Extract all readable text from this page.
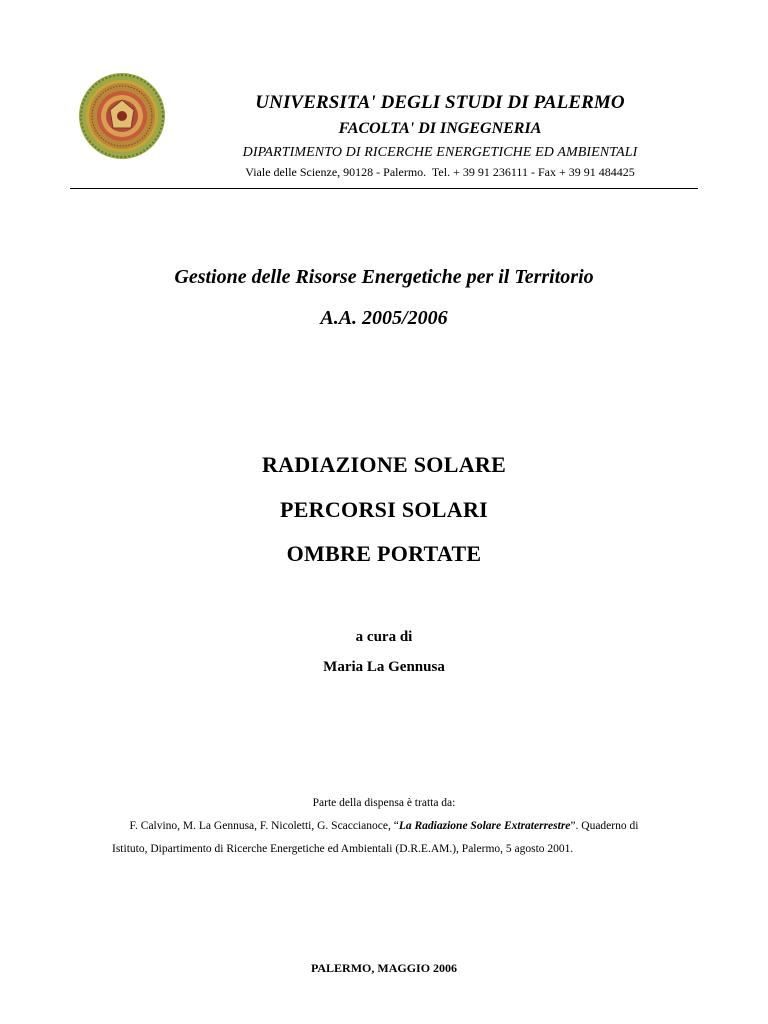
UNIVERSITA' DEGLI STUDI DI PALERMO
FACOLTA' DI INGEGNERIA
DIPARTIMENTO DI RICERCHE ENERGETICHE ED AMBIENTALI
Viale delle Scienze, 90128 - Palermo.  Tel. + 39 91 236111 - Fax + 39 91 484425
Gestione delle Risorse Energetiche per il Territorio
A.A. 2005/2006
RADIAZIONE SOLARE
PERCORSI SOLARI
OMBRE PORTATE
a cura di
Maria La Gennusa
Parte della dispensa è tratta da:
F. Calvino, M. La Gennusa, F. Nicoletti, G. Scaccianoce, “La Radiazione Solare Extraterrestre”. Quaderno di
Istituto, Dipartimento di Ricerche Energetiche ed Ambientali (D.R.E.AM.), Palermo, 5 agosto 2001.
PALERMO, MAGGIO 2006
